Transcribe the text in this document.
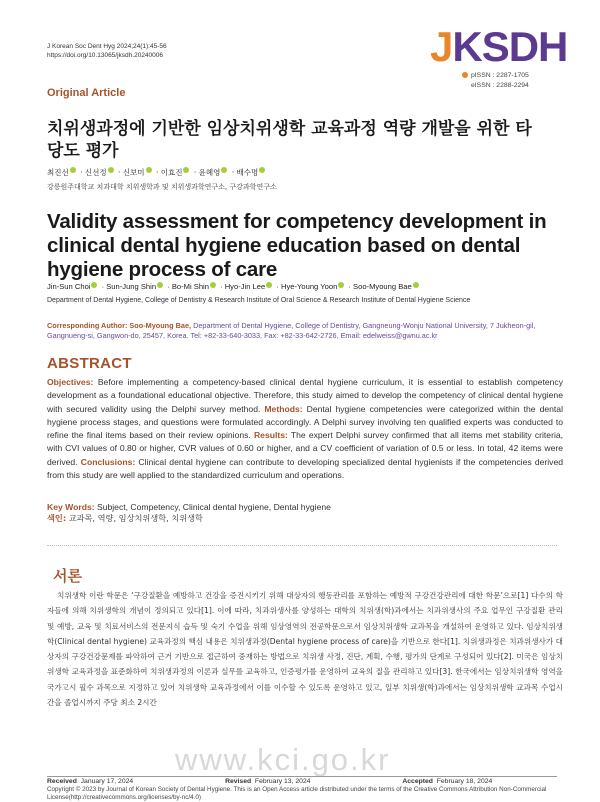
J Korean Soc Dent Hyg 2024;24(1):45-56
https://doi.org/10.13065/jksdh.20240006	JKSDH
pISSN : 2287-1705
eISSN : 2288-2294
Original Article
치위생과정에 기반한 임상치위생학 교육과정 역량 개발을 위한 타당도 평가
최진선 · 신선정 · 신보미 · 이효진 · 윤혜영 · 배수명
강릉원주대학교 치과대학 치위생학과 및 치위생과학연구소, 구강과학연구소
Validity assessment for competency development in clinical dental hygiene education based on dental hygiene process of care
Jin-Sun Choi · Sun-Jung Shin · Bo-Mi Shin · Hyo-Jin Lee · Hye-Young Yoon · Soo-Myoung Bae
Department of Dental Hygiene, College of Dentistry & Research Institute of Oral Science & Research Institute of Dental Hygiene Science
Corresponding Author: Soo-Myoung Bae, Department of Dental Hygiene, College of Dentistry, Gangneung-Wonju National University, 7 Jukheon-gil, Gangnueng-si, Gangwon-do, 25457, Korea. Tel: +82-33-640-3033, Fax: +82-33-642-2726, Email: edelweiss@gwnu.ac.kr
ABSTRACT
Objectives: Before implementing a competency-based clinical dental hygiene curriculum, it is essential to establish competency development as a foundational educational objective. Therefore, this study aimed to develop the competency of clinical dental hygiene with secured validity using the Delphi survey method. Methods: Dental hygiene competencies were categorized within the dental hygiene process stages, and questions were formulated accordingly. A Delphi survey involving ten qualified experts was conducted to refine the final items based on their review opinions. Results: The expert Delphi survey confirmed that all items met stability criteria, with CVI values of 0.80 or higher, CVR values of 0.60 or higher, and a CV coefficient of variation of 0.5 or less. In total, 42 items were derived. Conclusions: Clinical dental hygiene can contribute to developing specialized dental hygienists if the competencies derived from this study are well applied to the standardized curriculum and operations.
Key Words: Subject, Competency, Clinical dental hygiene, Dental hygiene
색인: 교과목, 역량, 임상치위생학, 치위생학
서론
치위생학 이란 학문은 ‘구강질환을 예방하고 건강을 증진시키기 위해 대상자의 행동관리를 포함하는 예방적 구강건강관리에 대한 학문’으로[1] 다수의 학자들에 의해 치위생학의 개념이 정의되고 있다[1]. 이에 따라, 치과위생사를 양성하는 대학의 치위생(학)과에서는 치과위생사의 주요 업무인 구강질환 관리 및 예방, 교육 및 치료서비스의 전문지식 습득 및 숙기 수업을 위해 임상영역의 전공학문으로서 임상치위생학 교과목을 개설하여 운영하고 있다. 임상치위생학(Clinical dental hygiene) 교육과정의 핵심 내용은 치위생과정(Dental hygiene process of care)을 기반으로 한다[1]. 치위생과정은 치과위생사가 대상자의 구강건강문제를 파악하여 근거 기반으로 접근하여 중재하는 방법으로 치위생 사정, 진단, 계획, 수행, 평가의 단계로 구성되어 있다[2]. 미국은 임상치위생학 교육과정을 표준화하여 치위생과정의 이론과 실무를 교육하고, 인증평가를 운영하여 교육의 질을 관리하고 있다[3]. 한국에서는 임상치위생학 영역을 국가고시 필수 과목으로 지정하고 있어 치위생학 교육과정에서 이를 이수할 수 있도록 운영하고 있고, 일부 치위생(학)과에서는 임상치위생학 교과목 수업시간을 졸업시까지 주당 최소 2시간
www.kci.go.kr
Received January 17, 2024	Revised February 13, 2024	Accepted February 18, 2024
Copyright © 2023 by Journal of Korean Society of Dental Hygiene. This is an Open Access article distributed under the terms of the Creative Commons Attribution Non-Commercial License(http://creativecommons.org/licenses/by-nc/4.0)
